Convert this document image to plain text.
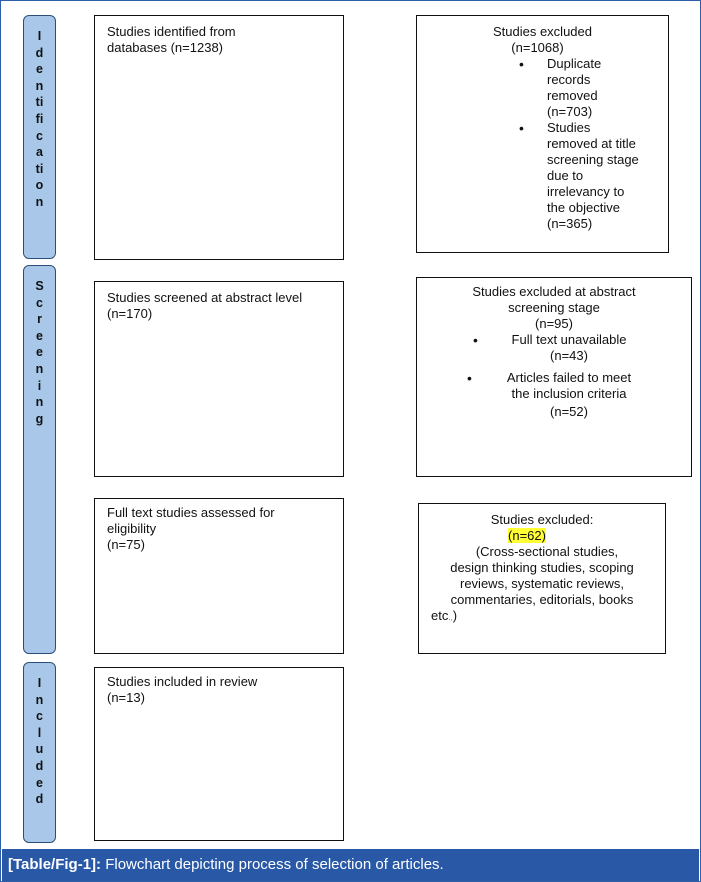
I
d
e
n
ti
fi
c
a
ti
o
n
S
c
r
e
e
n
i
n
g
I
n
c
l
u
d
e
d
Studies identified from
databases (n=1238)
Studies excluded
(n=1068)
• Duplicate
records
removed
(n=703)
• Studies
removed at title
screening stage
due to
irrelevancy to
the objective
(n=365)
Studies screened at abstract level
(n=170)
Studies excluded at abstract
screening stage
(n=95)
•	Full text unavailable
(n=43)
•	Articles failed to meet
the inclusion criteria
(n=52)
Full text studies assessed for
eligibility
(n=75)
Studies excluded:
(n=62)
(Cross-sectional studies,
design thinking studies, scoping
reviews, systematic reviews,
commentaries, editorials, books
etc.,)
Studies included in review
(n=13)
[Table/Fig-1]: Flowchart depicting process of selection of articles.
